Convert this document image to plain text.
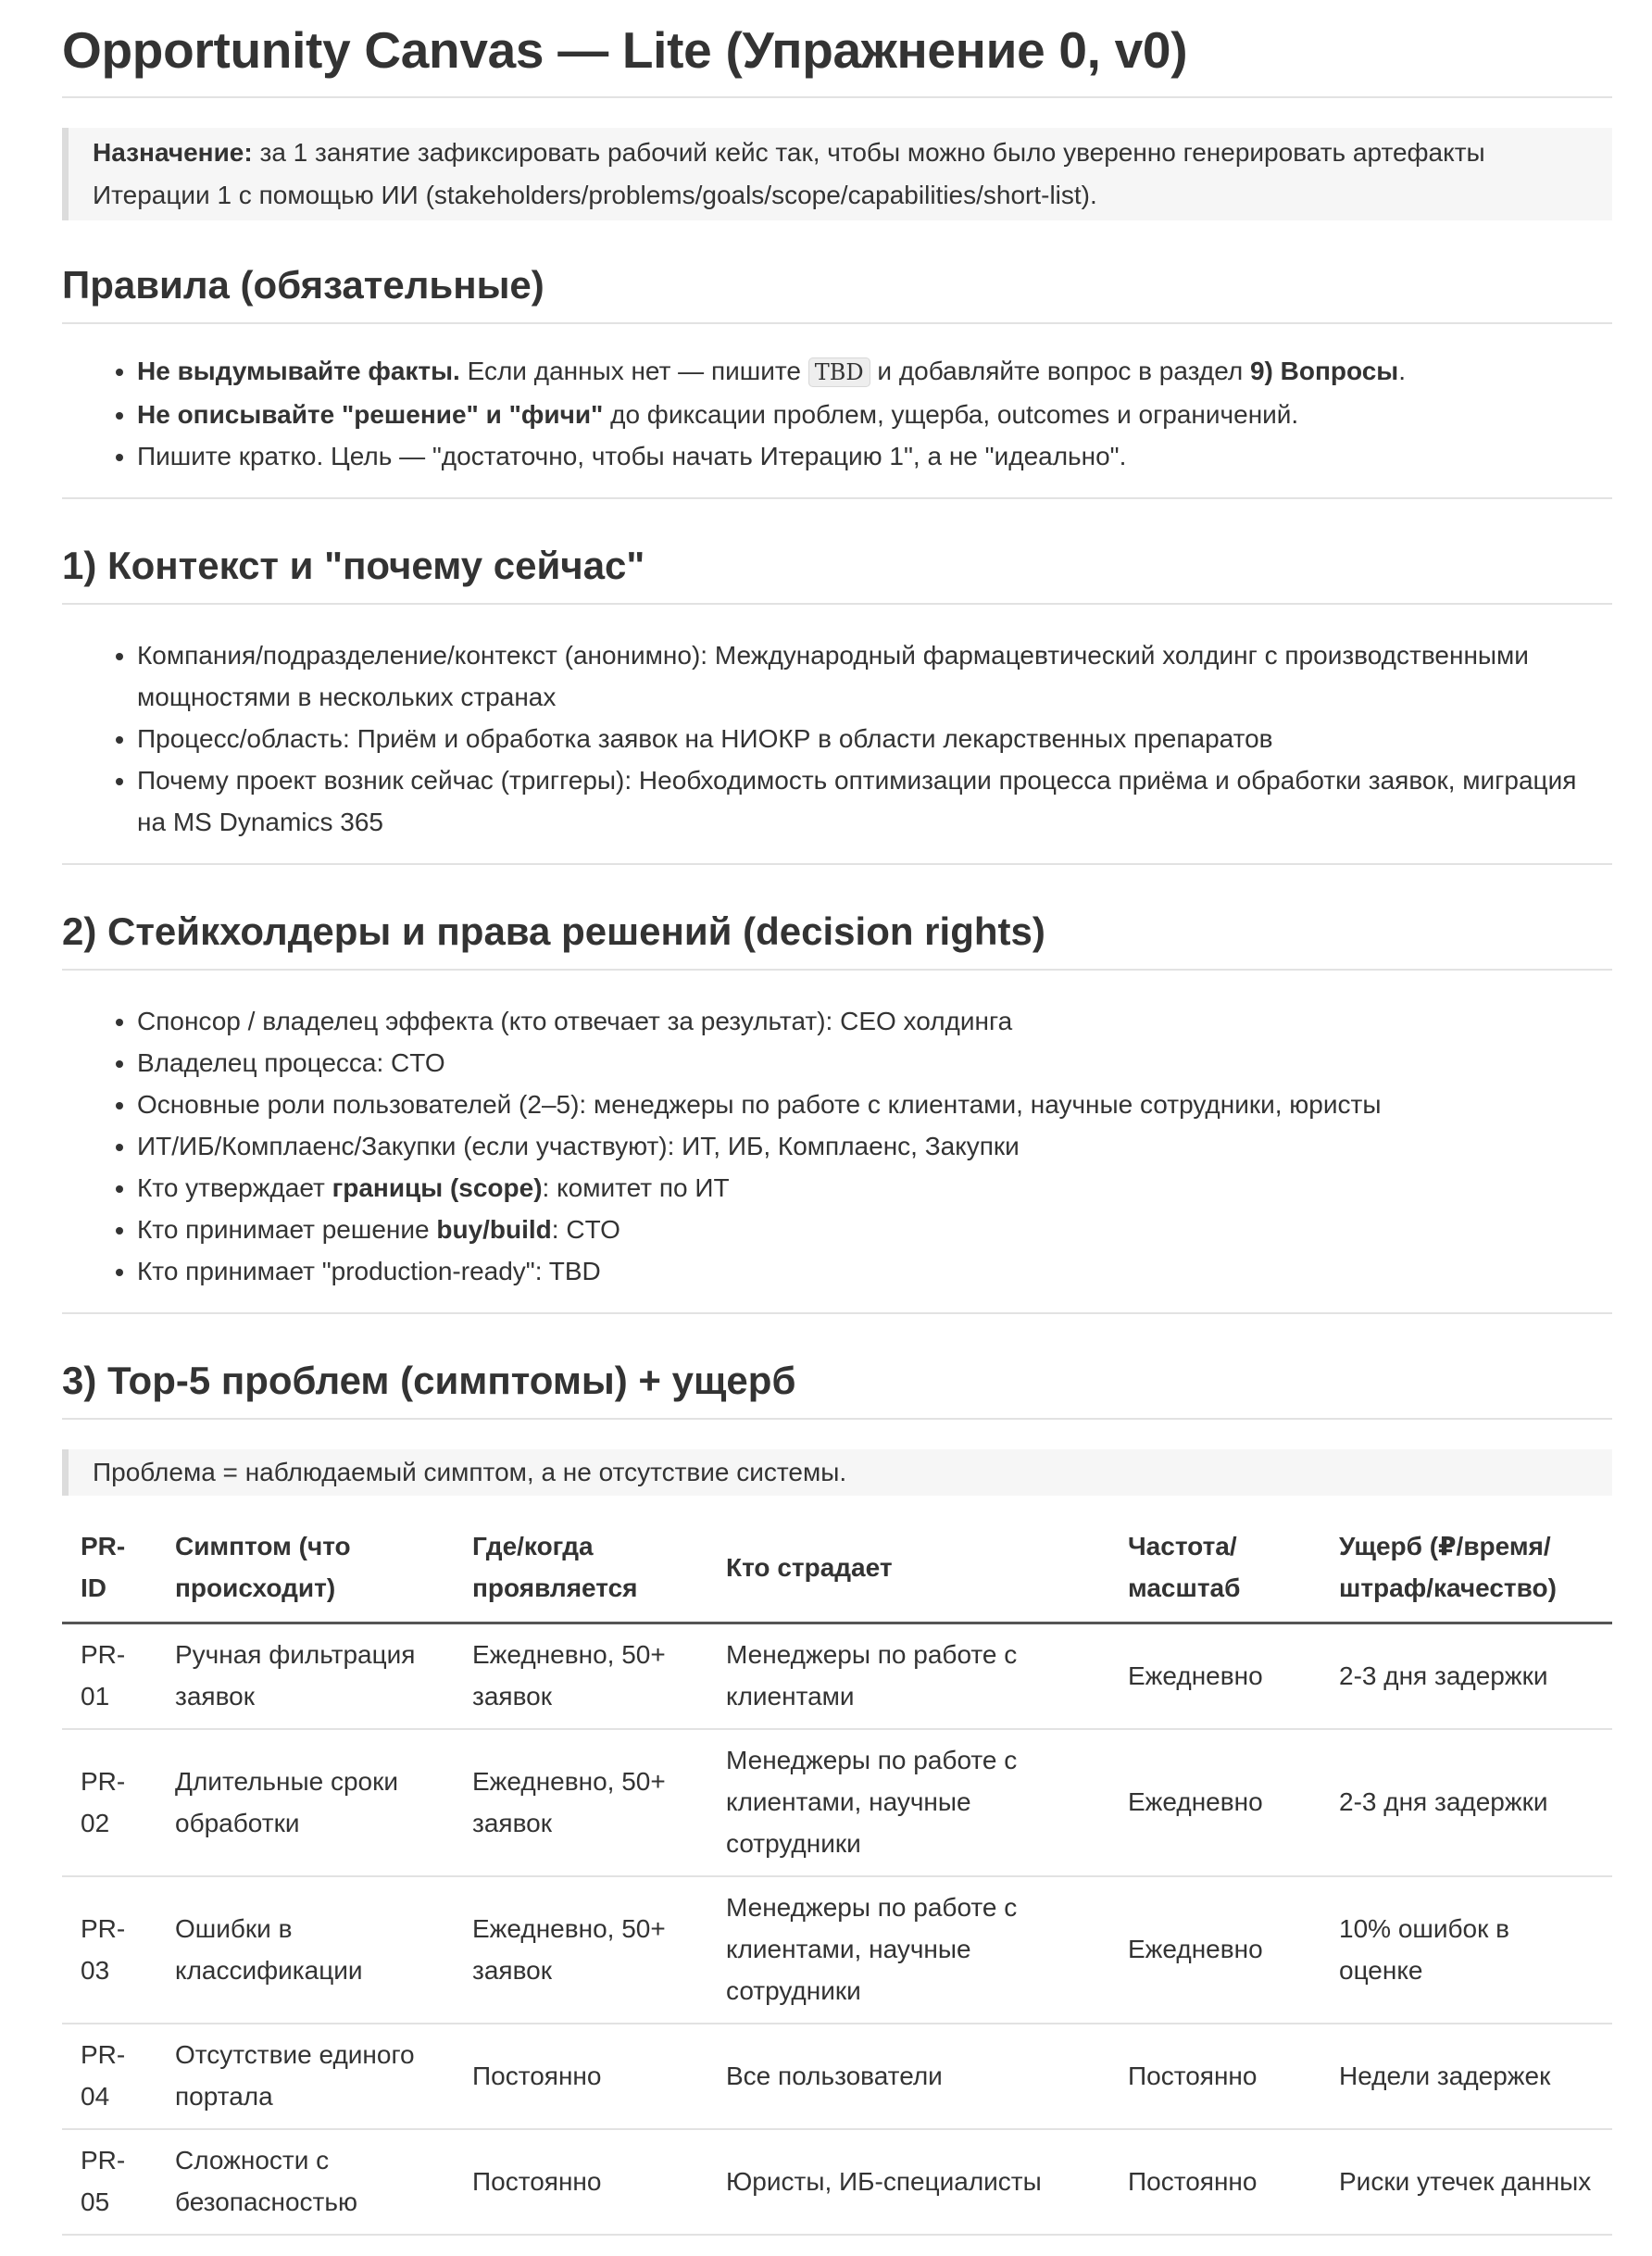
Opportunity Canvas — Lite (Упражнение 0, v0)
Назначение: за 1 занятие зафиксировать рабочий кейс так, чтобы можно было уверенно генерировать артефакты Итерации 1 с помощью ИИ (stakeholders/problems/goals/scope/capabilities/short-list).
Правила (обязательные)
• Не выдумывайте факты. Если данных нет — пишите TBD и добавляйте вопрос в раздел 9) Вопросы.
• Не описывайте "решение" и "фичи" до фиксации проблем, ущерба, outcomes и ограничений.
• Пишите кратко. Цель — "достаточно, чтобы начать Итерацию 1", а не "идеально".
1) Контекст и "почему сейчас"
• Компания/подразделение/контекст (анонимно): Международный фармацевтический холдинг с производственными мощностями в нескольких странах
• Процесс/область: Приём и обработка заявок на НИОКР в области лекарственных препаратов
• Почему проект возник сейчас (триггеры): Необходимость оптимизации процесса приёма и обработки заявок, миграция на MS Dynamics 365
2) Стейкхолдеры и права решений (decision rights)
• Спонсор / владелец эффекта (кто отвечает за результат): CEO холдинга
• Владелец процесса: CTO
• Основные роли пользователей (2–5): менеджеры по работе с клиентами, научные сотрудники, юристы
• ИТ/ИБ/Комплаенс/Закупки (если участвуют): ИТ, ИБ, Комплаенс, Закупки
• Кто утверждает границы (scope): комитет по ИТ
• Кто принимает решение buy/build: CTO
• Кто принимает "production-ready": TBD
3) Top-5 проблем (симптомы) + ущерб
Проблема = наблюдаемый симптом, а не отсутствие системы.
PR-ID	Симптом (что происходит)	Где/когда проявляется	Кто страдает	Частота/ масштаб	Ущерб (₽/время/ штраф/качество)
PR-01	Ручная фильтрация заявок	Ежедневно, 50+ заявок	Менеджеры по работе с клиентами	Ежедневно	2-3 дня задержки
PR-02	Длительные сроки обработки	Ежедневно, 50+ заявок	Менеджеры по работе с клиентами, научные сотрудники	Ежедневно	2-3 дня задержки
PR-03	Ошибки в классификации	Ежедневно, 50+ заявок	Менеджеры по работе с клиентами, научные сотрудники	Ежедневно	10% ошибок в оценке
PR-04	Отсутствие единого портала	Постоянно	Все пользователи	Постоянно	Недели задержек
PR-05	Сложности с безопасностью	Постоянно	Юристы, ИБ-специалисты	Постоянно	Риски утечек данных
